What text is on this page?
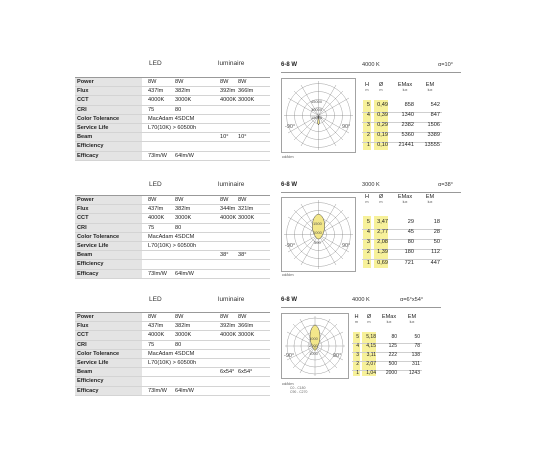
LED	luminaire
Power	8W	8W	8W 8W
Flux	437lm 382lm	392lm 366lm
CCT	4000K 3000K	4000K 3000K
CRI	75	80
Color Tolerance	MacAdam 4SDCM
Service Life	L70(10K) > 60500h
Beam	10° 10°
Efficiency
Efficacy	73lm/W 64lm/W
6-8 W	4000 K	α=10°
45000
30000
15000
-90°	90°
cd/klm
H
m
Ø
m
EMax
lux
EM
lux
5	0,49	858	542
4	0,39	1340	847
3	0,29	2382	1506
2	0,19	5360	3389
1	0,10	21441	13555
LED	luminaire
Power	8W	8W	8W 8W
Flux	437lm 382lm	344lm 321lm
CCT	4000K 3000K	4000K 3000K
CRI	75	80
Color Tolerance	MacAdam 4SDCM
Service Life	L70(10K) > 60500h
Beam	38° 38°
Efficiency
Efficacy	73lm/W 64lm/W
6-8 W	3000 K	α=38°
1500
1000
500
-90°	90°
cd/klm
H
m
Ø
m
EMax
lux
EM
lux
5	3,47	29	18
4	2,77	45	28
3	2,08	80	50
2	1,39	180	112
1	0,69	721	447
LED	luminaire
Power	8W	8W	8W 8W
Flux	437lm 382lm	392lm 366lm
CCT	4000K 3000K	4000K 3000K
CRI	75	80
Color Tolerance	MacAdam 4SDCM
Service Life	L70(10K) > 60500h
Beam	6x54° 6x54°
Efficiency
Efficacy	73lm/W 64lm/W
6-8 W	4000 K	α=6°x54°
3000
2000
1000
-90°	90°
cd/klm
C0 - C180
C90 - C270
H
m
Ø
m
EMax
lux
EM
lux
5	5,18	80	50
4	4,15	125	78
3	3,11	222	138
2	2,07	500	311
1	1,04	2000	1243
